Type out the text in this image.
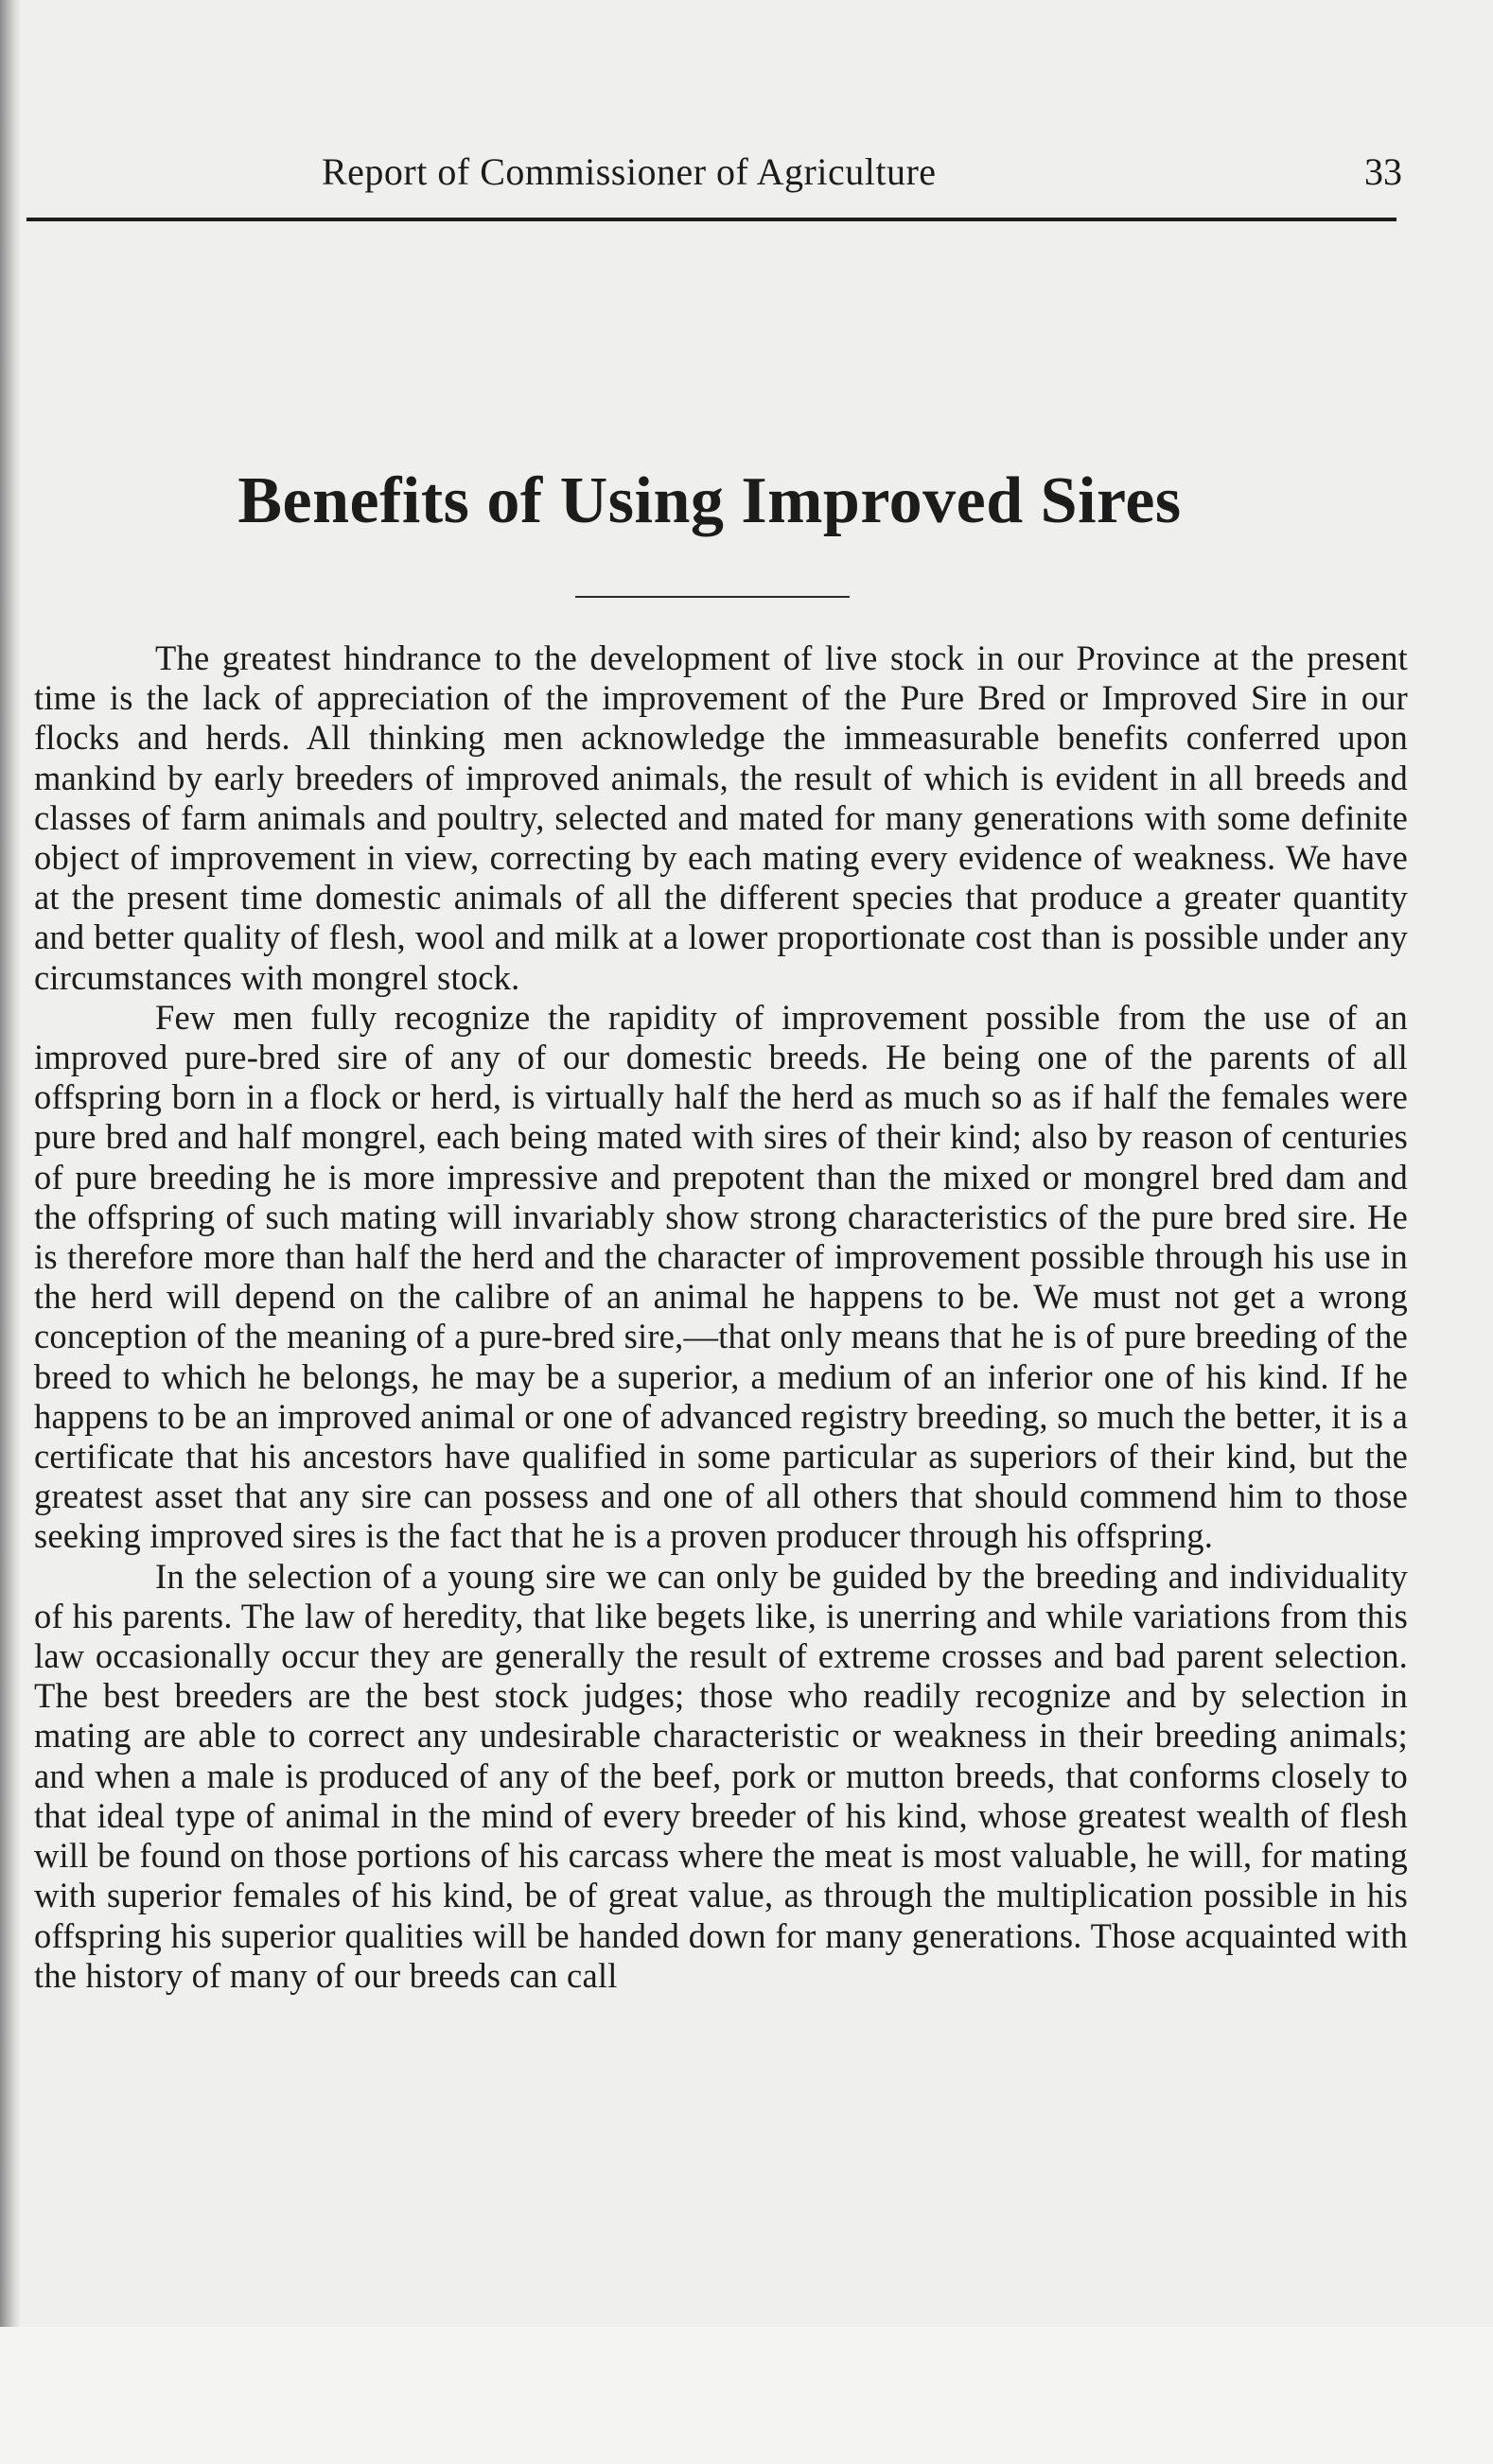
Report of Commissioner of Agriculture	33
Benefits of Using Improved Sires

The greatest hindrance to the development of live stock in our Province at the present time is the lack of appreciation of the improvement of the Pure Bred or Improved Sire in our flocks and herds. All thinking men acknowledge the immeasurable benefits conferred upon mankind by early breeders of improved animals, the result of which is evident in all breeds and classes of farm animals and poultry, selected and mated for many generations with some definite object of improvement in view, correcting by each mating every evidence of weakness. We have at the present time domestic animals of all the different species that produce a greater quantity and better quality of flesh, wool and milk at a lower proportionate cost than is possible under any circumstances with mongrel stock.

Few men fully recognize the rapidity of improvement possible from the use of an improved pure-bred sire of any of our domestic breeds. He being one of the parents of all offspring born in a flock or herd, is virtually half the herd as much so as if half the females were pure bred and half mongrel, each being mated with sires of their kind; also by reason of centuries of pure breeding he is more impressive and prepotent than the mixed or mongrel bred dam and the offspring of such mating will invariably show strong characteristics of the pure bred sire. He is therefore more than half the herd and the character of improvement possible through his use in the herd will depend on the calibre of an animal he happens to be. We must not get a wrong conception of the meaning of a pure-bred sire,—that only means that he is of pure breeding of the breed to which he belongs, he may be a superior, a medium of an inferior one of his kind. If he happens to be an improved animal or one of advanced registry breeding, so much the better, it is a certificate that his ancestors have qualified in some particular as superiors of their kind, but the greatest asset that any sire can possess and one of all others that should commend him to those seeking improved sires is the fact that he is a proven producer through his offspring.

In the selection of a young sire we can only be guided by the breeding and individuality of his parents. The law of heredity, that like begets like, is unerring and while variations from this law occasionally occur they are generally the result of extreme crosses and bad parent selection. The best breeders are the best stock judges; those who readily recognize and by selection in mating are able to correct any undesirable characteristic or weakness in their breeding animals; and when a male is produced of any of the beef, pork or mutton breeds, that conforms closely to that ideal type of animal in the mind of every breeder of his kind, whose greatest wealth of flesh will be found on those portions of his carcass where the meat is most valuable, he will, for mating with superior females of his kind, be of great value, as through the multiplication possible in his offspring his superior qualities will be handed down for many generations. Those acquainted with the history of many of our breeds can call
